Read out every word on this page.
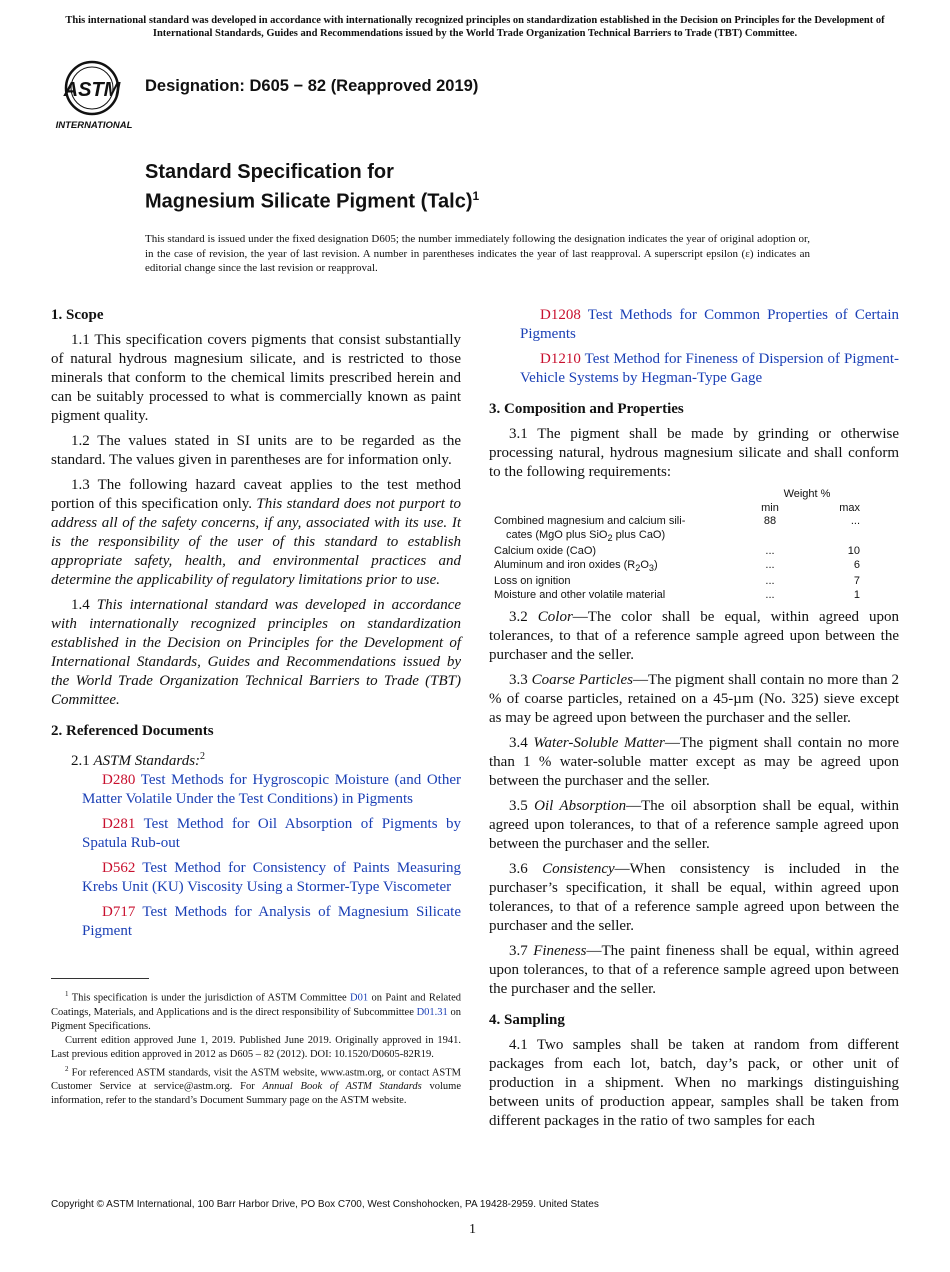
This international standard was developed in accordance with internationally recognized principles on standardization established in the Decision on Principles for the Development of International Standards, Guides and Recommendations issued by the World Trade Organization Technical Barriers to Trade (TBT) Committee.
ASTM
INTERNATIONAL
Designation: D605 − 82 (Reapproved 2019)
Standard Specification for
Magnesium Silicate Pigment (Talc)$^1$
This standard is issued under the fixed designation D605; the number immediately following the designation indicates the year of original adoption or, in the case of revision, the year of last revision. A number in parentheses indicates the year of last reapproval. A superscript epsilon (ε) indicates an editorial change since the last revision or reapproval.
1. Scope

1.1 This specification covers pigments that consist substantially of natural hydrous magnesium silicate, and is restricted to those minerals that conform to the chemical limits prescribed herein and can be suitably processed to what is commercially known as paint pigment quality.

1.2 The values stated in SI units are to be regarded as the standard. The values given in parentheses are for information only.

1.3 The following hazard caveat applies to the test method portion of this specification only. This standard does not purport to address all of the safety concerns, if any, associated with its use. It is the responsibility of the user of this standard to establish appropriate safety, health, and environmental practices and determine the applicability of regulatory limitations prior to use.

1.4 This international standard was developed in accordance with internationally recognized principles on standardization established in the Decision on Principles for the Development of International Standards, Guides and Recommendations issued by the World Trade Organization Technical Barriers to Trade (TBT) Committee.

2. Referenced Documents

2.1 ASTM Standards:$^2$

D280 Test Methods for Hygroscopic Moisture (and Other Matter Volatile Under the Test Conditions) in Pigments

D281 Test Method for Oil Absorption of Pigments by Spatula Rub-out

D562 Test Method for Consistency of Paints Measuring Krebs Unit (KU) Viscosity Using a Stormer-Type Viscometer

D717 Test Methods for Analysis of Magnesium Silicate Pigment

$^1$ This specification is under the jurisdiction of ASTM Committee D01 on Paint and Related Coatings, Materials, and Applications and is the direct responsibility of Subcommittee D01.31 on Pigment Specifications.

Current edition approved June 1, 2019. Published June 2019. Originally approved in 1941. Last previous edition approved in 2012 as D605 – 82 (2012). DOI: 10.1520/D0605-82R19.

$^2$ For referenced ASTM standards, visit the ASTM website, www.astm.org, or contact ASTM Customer Service at service@astm.org. For Annual Book of ASTM Standards volume information, refer to the standard’s Document Summary page on the ASTM website.

D1208 Test Methods for Common Properties of Certain Pigments

D1210 Test Method for Fineness of Dispersion of Pigment-Vehicle Systems by Hegman-Type Gage

3. Composition and Properties

3.1 The pigment shall be made by grinding or otherwise processing natural, hydrous magnesium silicate and shall conform to the following requirements:

	Weight %	
	min	max
Combined magnesium and calcium sili-
cates (MgO plus SiO$_2$ plus CaO)	88	...
Calcium oxide (CaO)	...	10
Aluminum and iron oxides $(R_2O_3)$	...	6
Loss on ignition	...	7
Moisture and other volatile material	...	1

3.2 Color—The color shall be equal, within agreed upon tolerances, to that of a reference sample agreed upon between the purchaser and the seller.

3.3 Coarse Particles—The pigment shall contain no more than 2 % of coarse particles, retained on a 45-µm (No. 325) sieve except as may be agreed upon between the purchaser and the seller.

3.4 Water-Soluble Matter—The pigment shall contain no more than 1 % water-soluble matter except as may be agreed upon between the purchaser and the seller.

3.5 Oil Absorption—The oil absorption shall be equal, within agreed upon tolerances, to that of a reference sample agreed upon between the purchaser and the seller.

3.6 Consistency—When consistency is included in the purchaser’s specification, it shall be equal, within agreed upon tolerances, to that of a reference sample agreed upon between the purchaser and the seller.

3.7 Fineness—The paint fineness shall be equal, within agreed upon tolerances, to that of a reference sample agreed upon between the purchaser and the seller.

4. Sampling

4.1 Two samples shall be taken at random from different packages from each lot, batch, day’s pack, or other unit of production in a shipment. When no markings distinguishing between units of production appear, samples shall be taken from different packages in the ratio of two samples for each

Copyright © ASTM International, 100 Barr Harbor Drive, PO Box C700, West Conshohocken, PA 19428-2959. United States
1
